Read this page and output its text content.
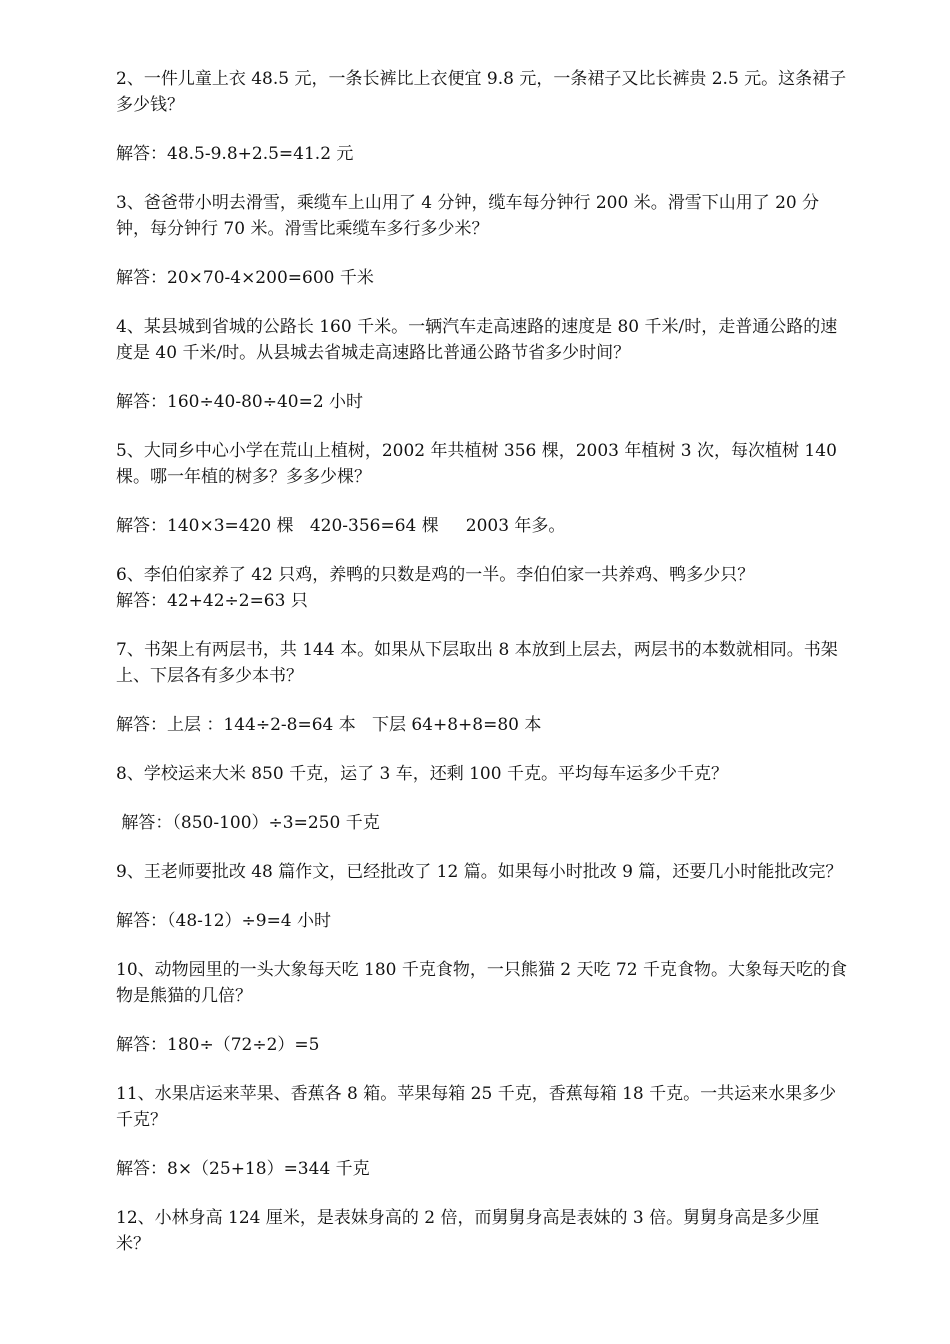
2、一件儿童上衣 48.5 元，一条长裤比上衣便宜 9.8 元，一条裙子又比长裤贵 2.5 元。这条裙子多少钱？

解答：48.5-9.8+2.5=41.2 元

3、爸爸带小明去滑雪，乘缆车上山用了 4 分钟，缆车每分钟行 200 米。滑雪下山用了 20 分钟，每分钟行 70 米。滑雪比乘缆车多行多少米？

解答：20×70-4×200=600 千米

4、某县城到省城的公路长 160 千米。一辆汽车走高速路的速度是 80 千米/时，走普通公路的速度是 40 千米/时。从县城去省城走高速路比普通公路节省多少时间？

解答：160÷40-80÷40=2 小时

5、大同乡中心小学在荒山上植树，2002 年共植树 356 棵，2003 年植树 3 次，每次植树 140 棵。哪一年植的树多？多多少棵？

解答：140×3=420 棵   420-356=64 棵     2003 年多。

6、李伯伯家养了 42 只鸡，养鸭的只数是鸡的一半。李伯伯家一共养鸡、鸭多少只？

解答：42+42÷2=63 只

7、书架上有两层书，共 144 本。如果从下层取出 8 本放到上层去，两层书的本数就相同。书架上、下层各有多少本书？

解答：上层 ：144÷2-8=64 本   下层 64+8+8=80 本

8、学校运来大米 850 千克，运了 3 车，还剩 100 千克。平均每车运多少千克？

解答：（850-100）÷3=250 千克

9、王老师要批改 48 篇作文，已经批改了 12 篇。如果每小时批改 9 篇，还要几小时能批改完？

解答：（48-12）÷9=4 小时

10、动物园里的一头大象每天吃 180 千克食物，一只熊猫 2 天吃 72 千克食物。大象每天吃的食物是熊猫的几倍？

解答：180÷（72÷2）=5

11、水果店运来苹果、香蕉各 8 箱。苹果每箱 25 千克，香蕉每箱 18 千克。一共运来水果多少千克？

解答：8×（25+18）=344 千克

12、小林身高 124 厘米，是表妹身高的 2 倍，而舅舅身高是表妹的 3 倍。舅舅身高是多少厘米？
